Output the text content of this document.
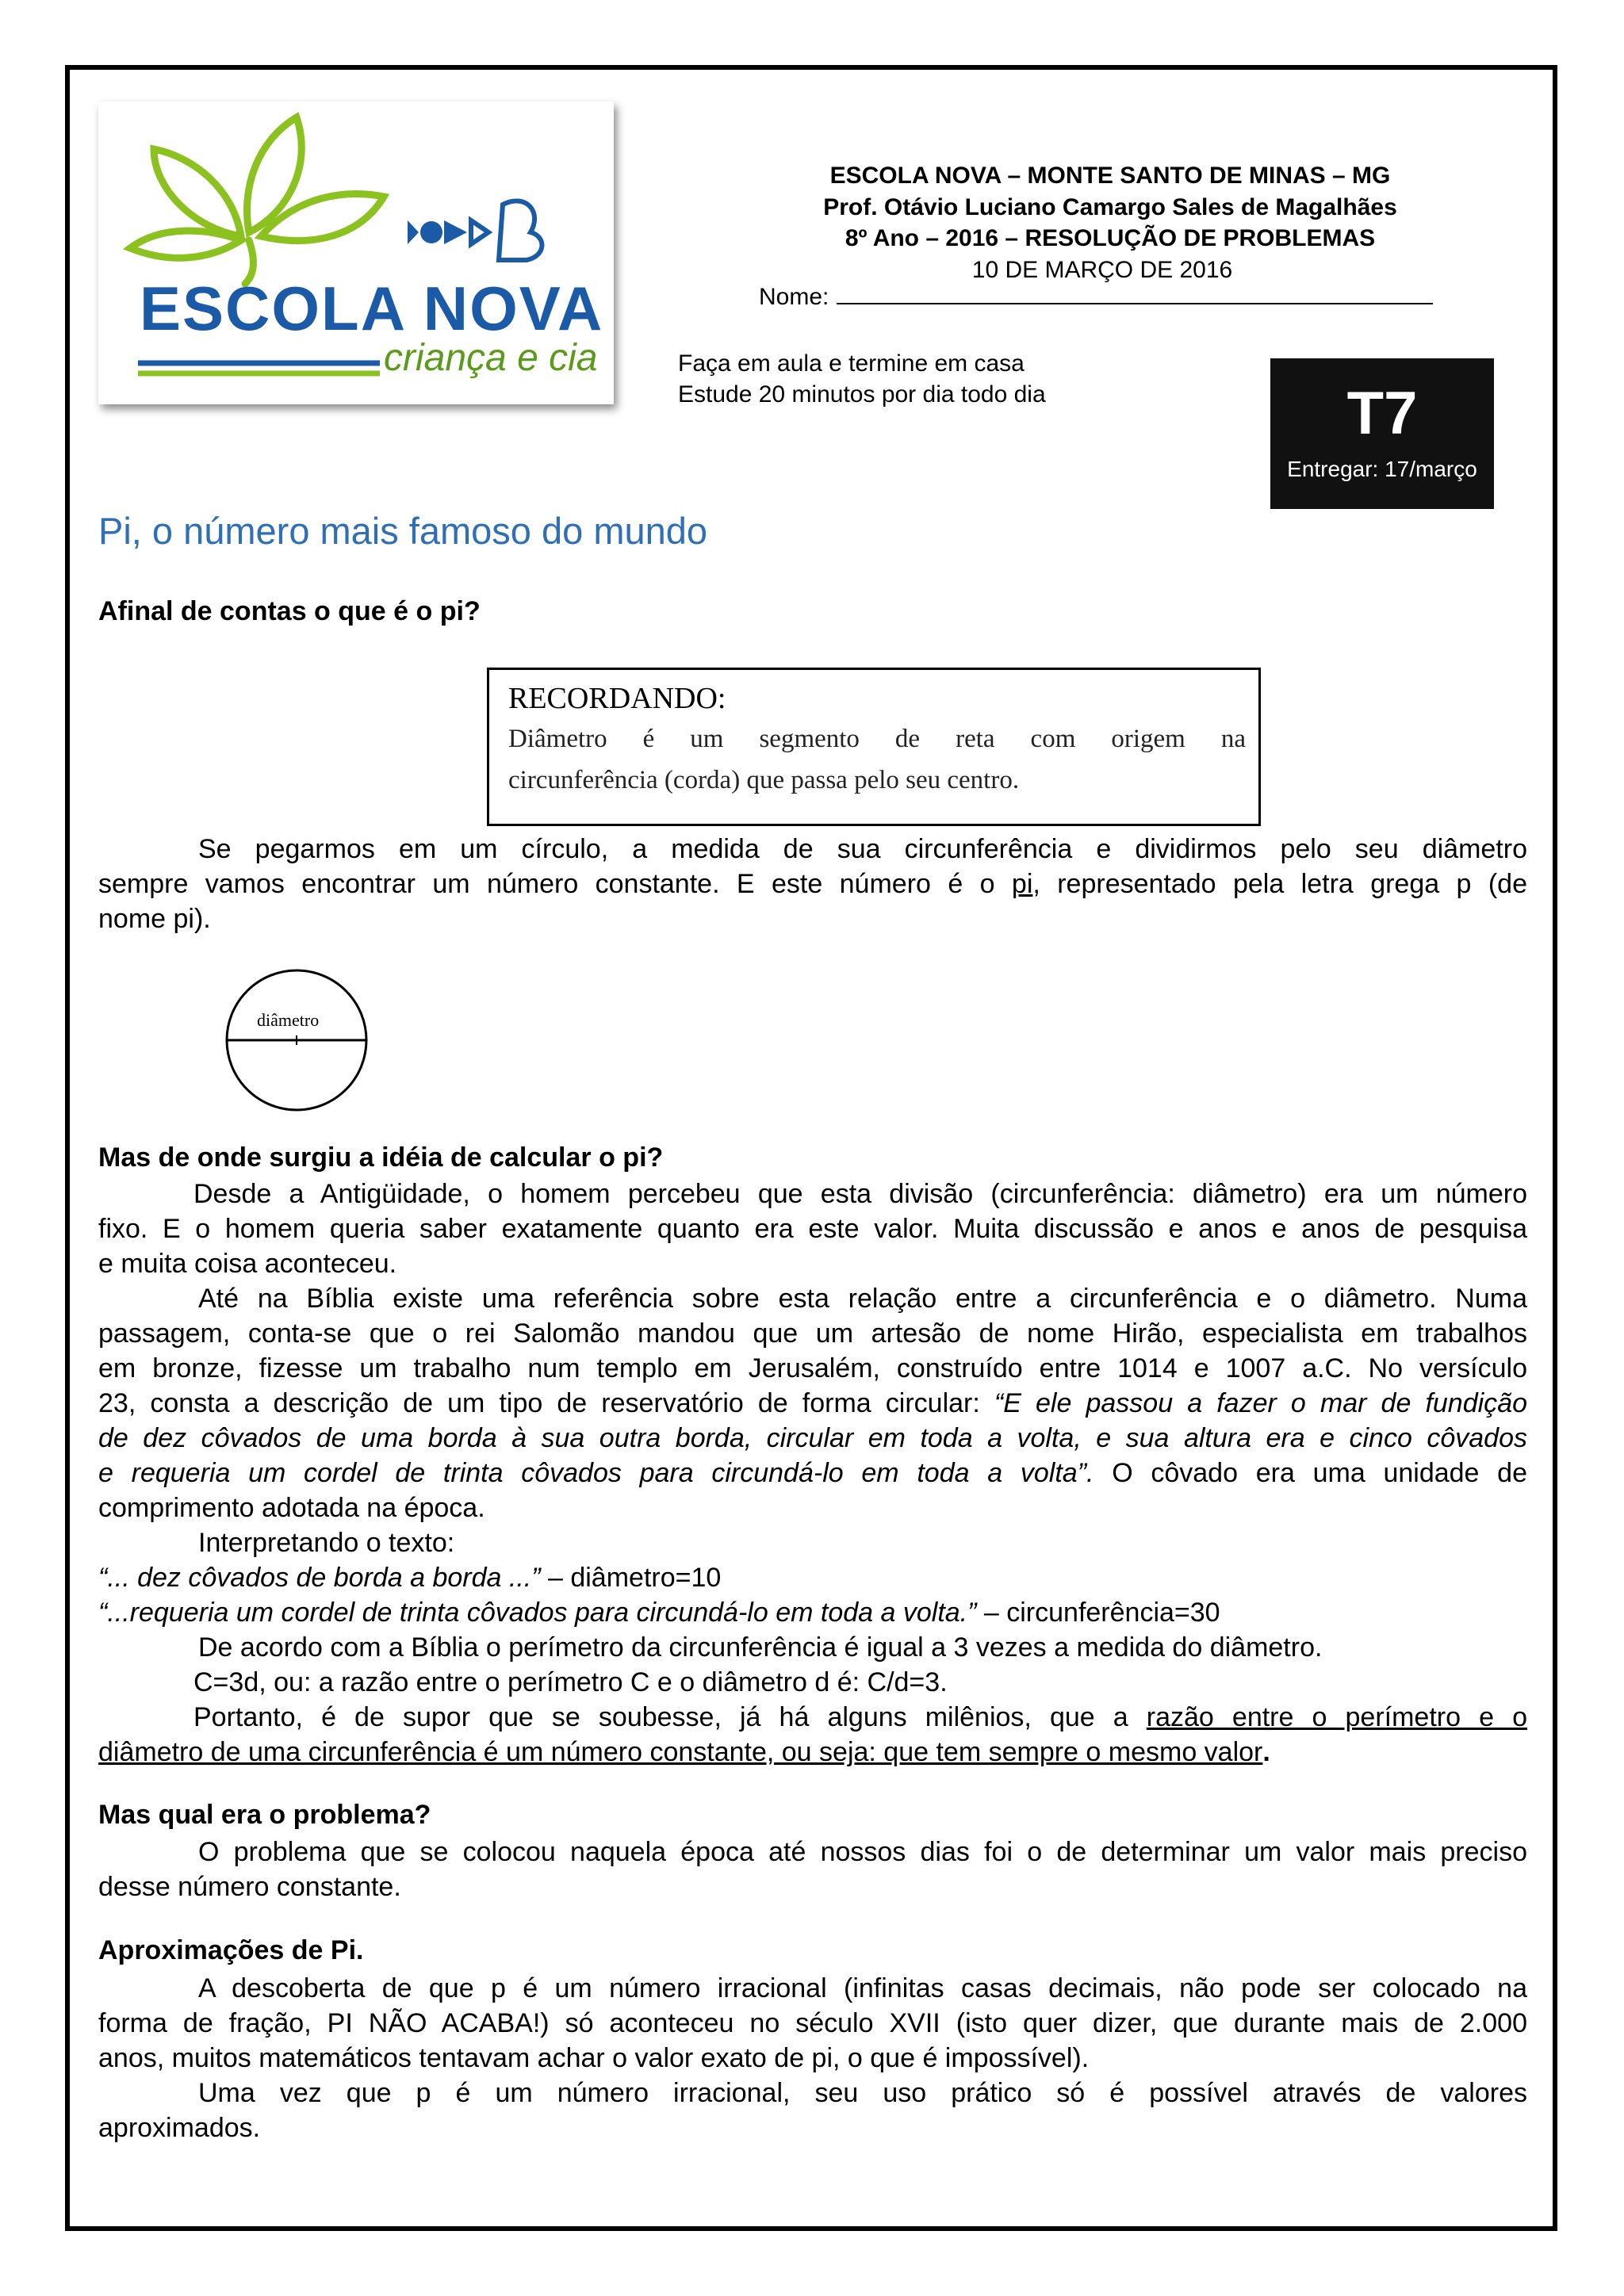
ESCOLA NOVA
criança e cia
ESCOLA NOVA – MONTE SANTO DE MINAS – MG
Prof. Otávio Luciano Camargo Sales de Magalhães
8º Ano – 2016 – RESOLUÇÃO DE PROBLEMAS
10 DE MARÇO DE 2016
Nome:
Faça em aula e termine em casa
Estude 20 minutos por dia todo dia	T7
Entregar: 17/março
Pi, o número mais famoso do mundo
Afinal de contas o que é o pi?
RECORDANDO:
Diâmetro é um segmento de reta com origem na
circunferência (corda) que passa pelo seu centro.
Se pegarmos em um círculo, a medida de sua circunferência e dividirmos pelo seu diâmetro
sempre vamos encontrar um número constante. E este número é o pi, representado pela letra grega p (de
nome pi).
diâmetro
Mas de onde surgiu a idéia de calcular o pi?
Desde a Antigüidade, o homem percebeu que esta divisão (circunferência: diâmetro) era um número
fixo. E o homem queria saber exatamente quanto era este valor. Muita discussão e anos e anos de pesquisa
e muita coisa aconteceu.
Até na Bíblia existe uma referência sobre esta relação entre a circunferência e o diâmetro. Numa
passagem, conta-se que o rei Salomão mandou que um artesão de nome Hirão, especialista em trabalhos
em bronze, fizesse um trabalho num templo em Jerusalém, construído entre 1014 e 1007 a.C. No versículo
23, consta a descrição de um tipo de reservatório de forma circular: “E ele passou a fazer o mar de fundição
de dez côvados de uma borda à sua outra borda, circular em toda a volta, e sua altura era e cinco côvados
e requeria um cordel de trinta côvados para circundá-lo em toda a volta”. O côvado era uma unidade de
comprimento adotada na época.
Interpretando o texto:
“... dez côvados de borda a borda ...” – diâmetro=10
“...requeria um cordel de trinta côvados para circundá-lo em toda a volta.” – circunferência=30
De acordo com a Bíblia o perímetro da circunferência é igual a 3 vezes a medida do diâmetro.
C=3d, ou: a razão entre o perímetro C e o diâmetro d é: C/d=3.
Portanto, é de supor que se soubesse, já há alguns milênios, que a razão entre o perímetro e o
diâmetro de uma circunferência é um número constante, ou seja: que tem sempre o mesmo valor.
Mas qual era o problema?
O problema que se colocou naquela época até nossos dias foi o de determinar um valor mais preciso
desse número constante.
Aproximações de Pi.
A descoberta de que p é um número irracional (infinitas casas decimais, não pode ser colocado na
forma de fração, PI NÃO ACABA!) só aconteceu no século XVII (isto quer dizer, que durante mais de 2.000
anos, muitos matemáticos tentavam achar o valor exato de pi, o que é impossível).
Uma vez que p é um número irracional, seu uso prático só é possível através de valores
aproximados.
